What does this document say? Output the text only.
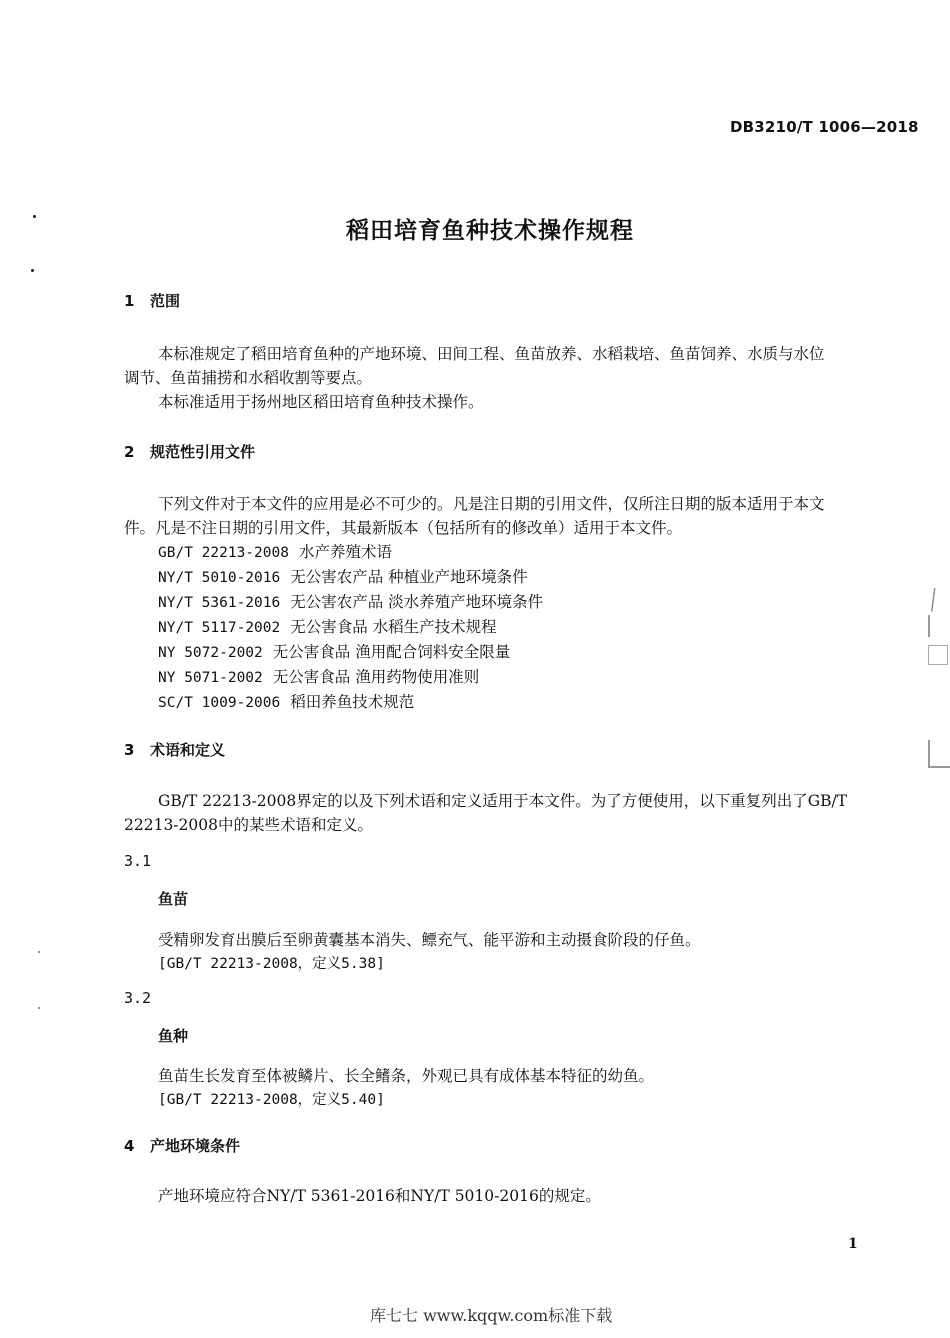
DB3210/T 1006—2018
稻田培育鱼种技术操作规程
1 范围
本标准规定了稻田培育鱼种的产地环境、田间工程、鱼苗放养、水稻栽培、鱼苗饲养、水质与水位
调节、鱼苗捕捞和水稻收割等要点。
本标准适用于扬州地区稻田培育鱼种技术操作。
2 规范性引用文件
下列文件对于本文件的应用是必不可少的。凡是注日期的引用文件，仅所注日期的版本适用于本文
件。凡是不注日期的引用文件，其最新版本（包括所有的修改单）适用于本文件。
GB/T 22213-2008 水产养殖术语
NY/T 5010-2016 无公害农产品 种植业产地环境条件
NY/T 5361-2016 无公害农产品 淡水养殖产地环境条件
NY/T 5117-2002 无公害食品 水稻生产技术规程
NY 5072-2002 无公害食品 渔用配合饲料安全限量
NY 5071-2002 无公害食品 渔用药物使用准则
SC/T 1009-2006 稻田养鱼技术规范
3 术语和定义
GB/T 22213-2008界定的以及下列术语和定义适用于本文件。为了方便使用，以下重复列出了GB/T
22213-2008中的某些术语和定义。
3.1
鱼苗
受精卵发育出膜后至卵黄囊基本消失、鳔充气、能平游和主动摄食阶段的仔鱼。
[GB/T 22213-2008，定义5.38]
3.2
鱼种
鱼苗生长发育至体被鳞片、长全鳍条，外观已具有成体基本特征的幼鱼。
[GB/T 22213-2008，定义5.40]
4 产地环境条件
产地环境应符合NY/T 5361-2016和NY/T 5010-2016的规定。
1
库七七 www.kqqw.com标准下载
╱
